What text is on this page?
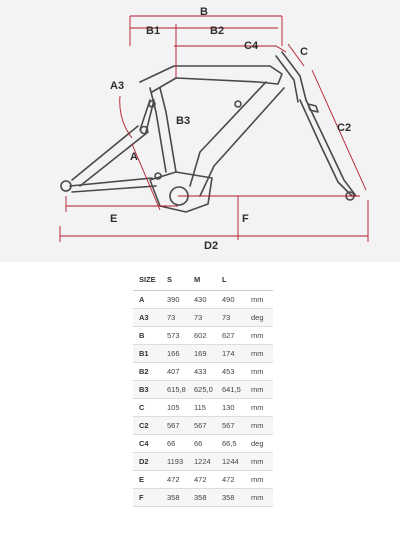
B
B1	B2
C4	C
A3
B3
C2
A
E	F
D2
SIZE	S	M	L	
A	390	430	490	mm
A3	73	73	73	deg
B	573	602	627	mm
B1	166	169	174	mm
B2	407	433	453	mm
B3	615,8	625,0	641,5	mm
C	105	115	130	mm
C2	567	567	567	mm
C4	66	66	66,5	deg
D2	1193	1224	1244	mm
E	472	472	472	mm
F	358	358	358	mm
